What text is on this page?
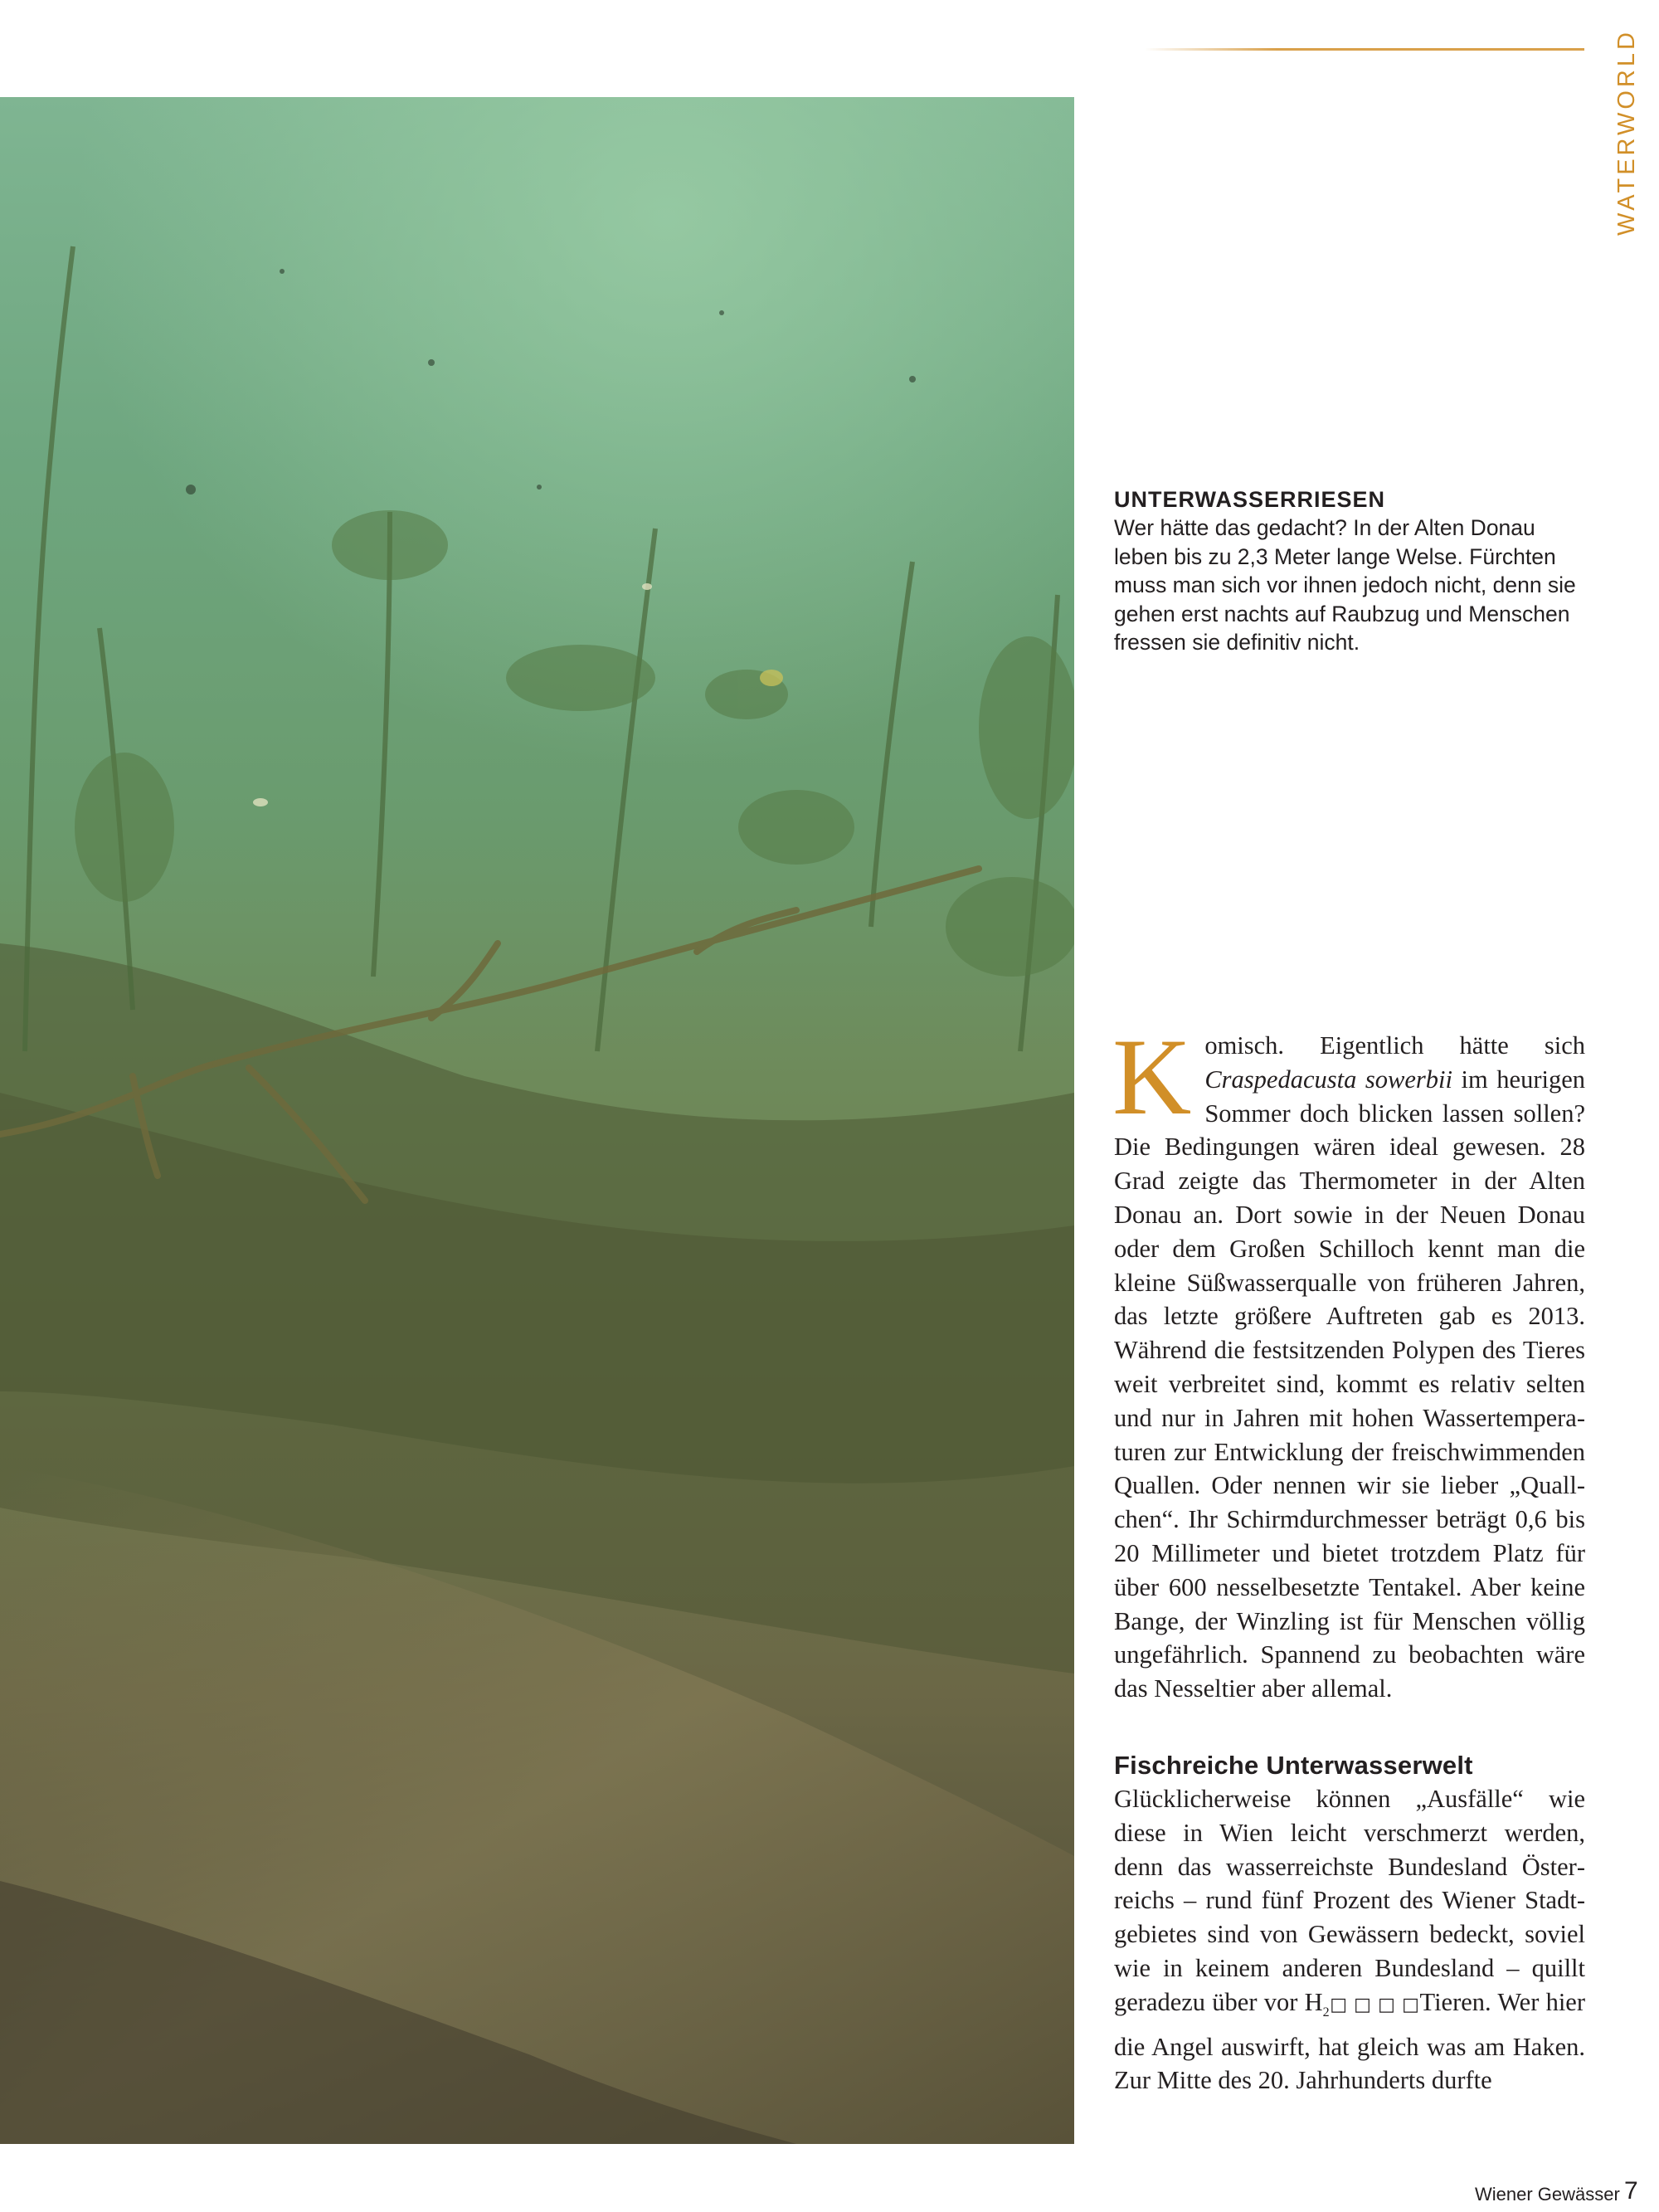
WATERWORLD
UNTERWASSERRIESEN

Wer hätte das gedacht? In der Alten Donau leben bis zu 2,3 Meter lange Welse. Fürchten muss man sich vor ihnen jedoch nicht, denn sie gehen erst nachts auf Raubzug und Menschen fressen sie definitiv nicht.

Komisch. Eigentlich hätte sich Craspedacusta sowerbii im heurigen Sommer doch blicken lassen sollen? Die Bedingungen wären ideal gewesen. 28 Grad zeigte das Thermometer in der Alten Donau an. Dort sowie in der Neuen Donau oder dem Großen Schilloch kennt man die kleine Süßwasserqualle von früheren Jahren, das letzte größere Auftreten gab es 2013. Während die festsitzenden Polypen des Tieres weit verbreitet sind, kommt es relativ selten und nur in Jahren mit hohen Wassertemperaturen zur Entwicklung der freischwimmenden Quallen. Oder nennen wir sie lieber „Quallchen“. Ihr Schirmdurchmesser beträgt 0,6 bis 20 Millimeter und bietet trotzdem Platz für über 600 nesselbesetzte Tentakel. Aber keine Bange, der Winzling ist für Menschen völlig ungefährlich. Spannend zu beobachten wäre das Nesseltier aber allemal.

Fischreiche Unterwasserwelt

Glücklicherweise können „Ausfälle“ wie diese in Wien leicht verschmerzt werden, denn das wasserreichste Bundesland Österreichs – rund fünf Prozent des Wiener Stadtgebietes sind von Gewässern bedeckt, soviel wie in keinem anderen Bundesland – quillt geradezu über vor $H_2□$ □ □ □Tieren. Wer hier die Angel auswirft, hat gleich was am Haken. Zur Mitte des 20. Jahrhunderts durfte

Wiener Gewässer 7
